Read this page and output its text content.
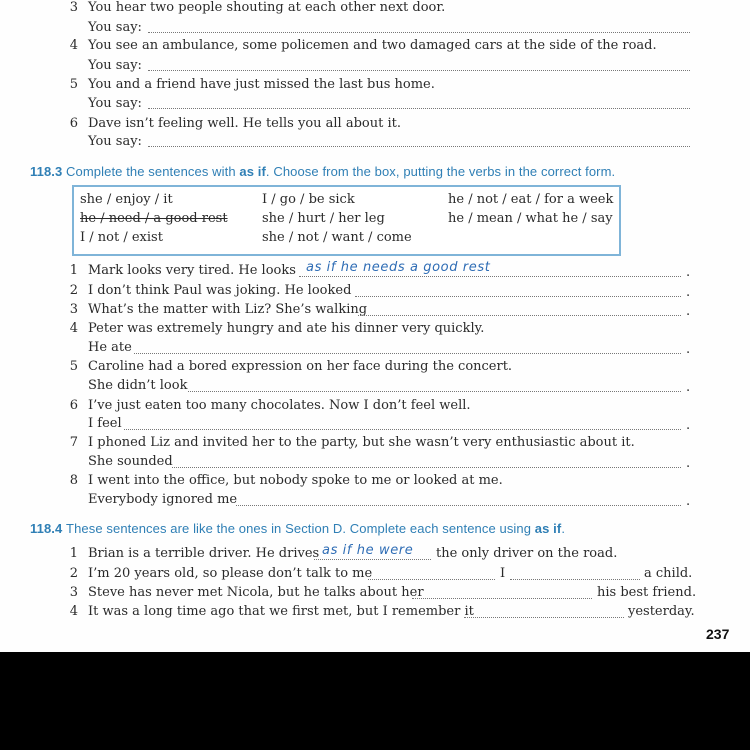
3 You hear two people shouting at each other next door.
You say:
4 You see an ambulance, some policemen and two damaged cars at the side of the road.
You say:
5 You and a friend have just missed the last bus home.
You say:
6 Dave isn’t feeling well. He tells you all about it.
You say:
118.3 Complete the sentences with as if. Choose from the box, putting the verbs in the correct form.
she / enjoy / it	I / go / be sick	he / not / eat / for a week
he / need / a good rest	she / hurt / her leg	he / mean / what he / say
I / not / exist	she / not / want / come
1 Mark looks very tired. He looks as if he needs a good rest	.
2 I don’t think Paul was joking. He looked	.
3 What’s the matter with Liz? She’s walking	.
4 Peter was extremely hungry and ate his dinner very quickly.
He ate	.
5 Caroline had a bored expression on her face during the concert.
She didn’t look	.
6 I’ve just eaten too many chocolates. Now I don’t feel well.
I feel	.
7 I phoned Liz and invited her to the party, but she wasn’t very enthusiastic about it.
She sounded	.
8 I went into the office, but nobody spoke to me or looked at me.
Everybody ignored me	.
118.4 These sentences are like the ones in Section D. Complete each sentence using as if.
1 Brian is a terrible driver. He drives as if he were the only driver on the road.
2 I’m 20 years old, so please don’t talk to me	I	a child.
3 Steve has never met Nicola, but he talks about her	his best friend.
4 It was a long time ago that we first met, but I remember it	yesterday.
237
